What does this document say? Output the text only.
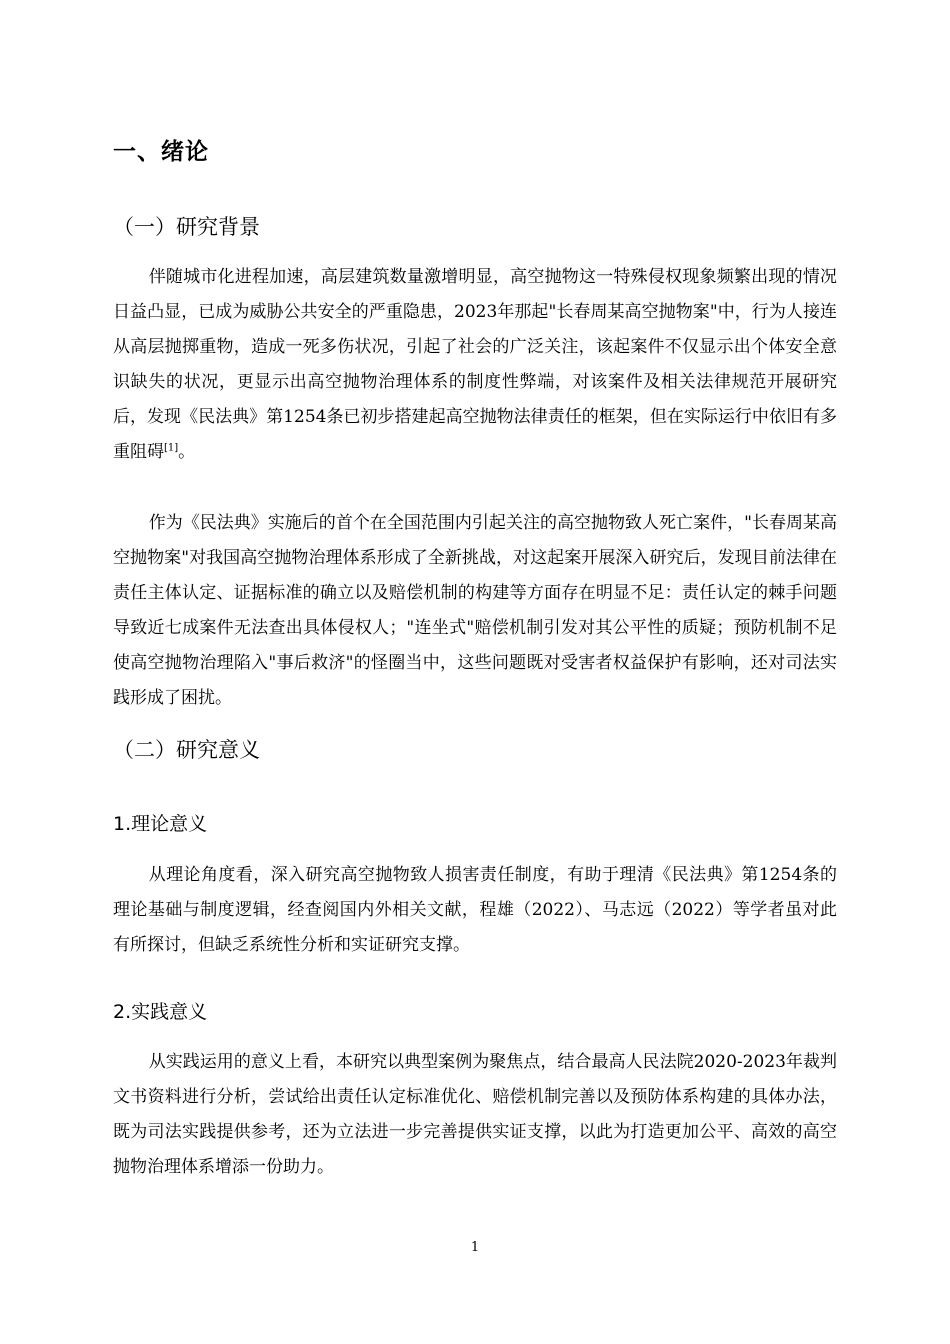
一、绪论
（一）研究背景

伴随城市化进程加速，高层建筑数量激增明显，高空抛物这一特殊侵权现象频繁出现的情况日益凸显，已成为威胁公共安全的严重隐患，2023年那起"长春周某高空抛物案"中，行为人接连从高层抛掷重物，造成一死多伤状况，引起了社会的广泛关注，该起案件不仅显示出个体安全意识缺失的状况，更显示出高空抛物治理体系的制度性弊端，对该案件及相关法律规范开展研究后，发现《民法典》第1254条已初步搭建起高空抛物法律责任的框架，但在实际运行中依旧有多重阻碍[1]。

作为《民法典》实施后的首个在全国范围内引起关注的高空抛物致人死亡案件，"长春周某高空抛物案"对我国高空抛物治理体系形成了全新挑战，对这起案开展深入研究后，发现目前法律在责任主体认定、证据标准的确立以及赔偿机制的构建等方面存在明显不足：责任认定的棘手问题导致近七成案件无法查出具体侵权人；"连坐式"赔偿机制引发对其公平性的质疑；预防机制不足使高空抛物治理陷入"事后救济"的怪圈当中，这些问题既对受害者权益保护有影响，还对司法实践形成了困扰。

（二）研究意义
1.理论意义

从理论角度看，深入研究高空抛物致人损害责任制度，有助于理清《民法典》第1254条的理论基础与制度逻辑，经查阅国内外相关文献，程雄（2022）、马志远（2022）等学者虽对此有所探讨，但缺乏系统性分析和实证研究支撑。

2.实践意义

从实践运用的意义上看，本研究以典型案例为聚焦点，结合最高人民法院2020-2023年裁判文书资料进行分析，尝试给出责任认定标准优化、赔偿机制完善以及预防体系构建的具体办法，既为司法实践提供参考，还为立法进一步完善提供实证支撑，以此为打造更加公平、高效的高空抛物治理体系增添一份助力。

1
